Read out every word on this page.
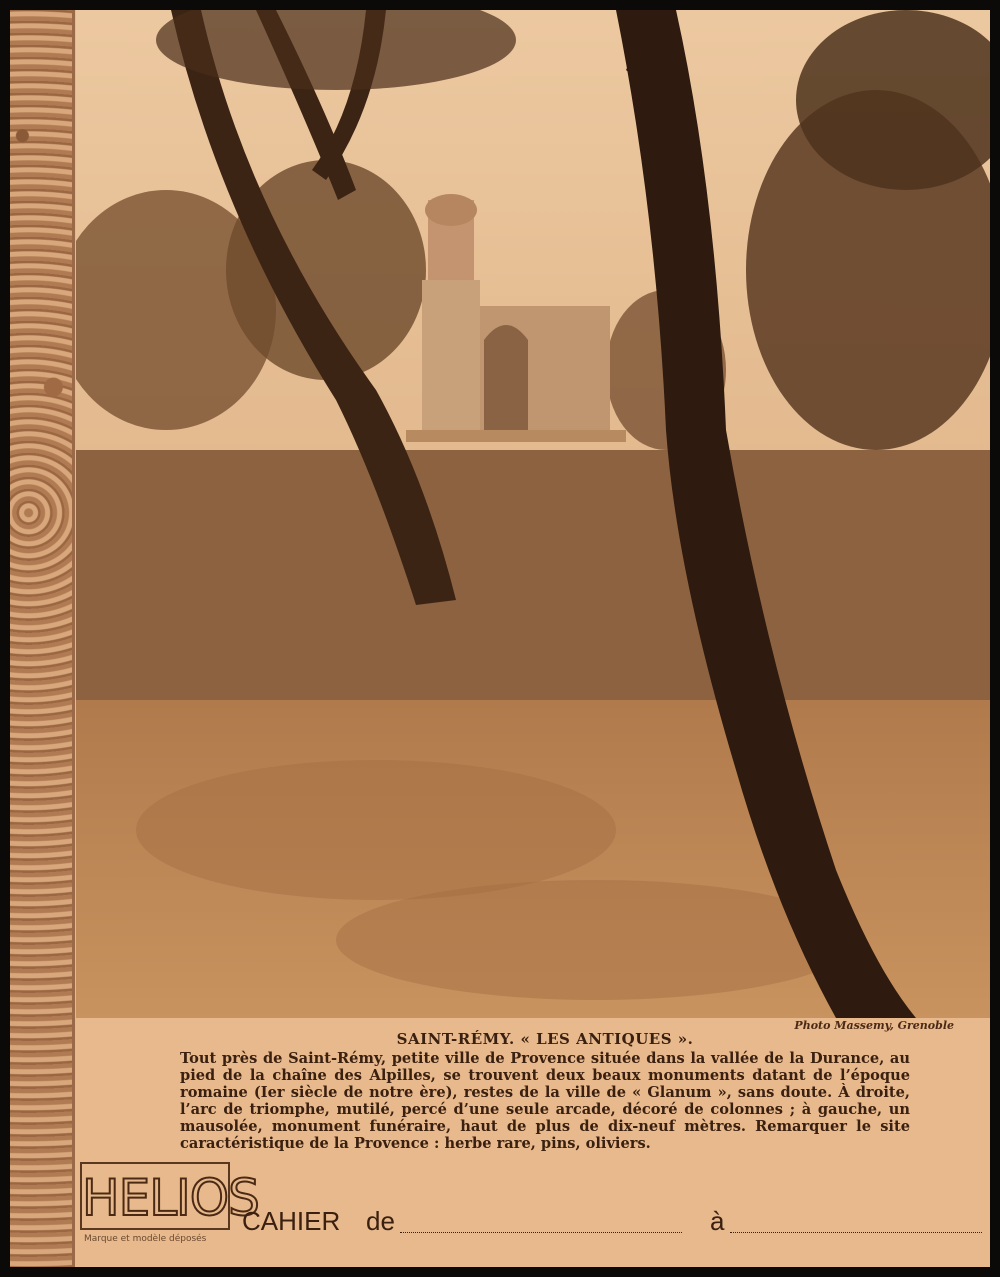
Photo Massemy, Grenoble
SAINT-RÉMY. « LES ANTIQUES ».
Tout près de Saint-Rémy, petite ville de Provence située dans la vallée de la Durance, au pied de la chaîne des Alpilles, se trouvent deux beaux monuments datant de l’époque romaine (Ier siècle de notre ère), restes de la ville de « Glanum », sans doute. À droite, l’arc de triomphe, mutilé, percé d’une seule arcade, décoré de colonnes ; à gauche, un mausolée, monument funéraire, haut de plus de dix-neuf mètres. Remarquer le site caractéristique de la Provence : herbe rare, pins, oliviers.
HELIOS
Marque et modèle déposés
CAHIER de	à
